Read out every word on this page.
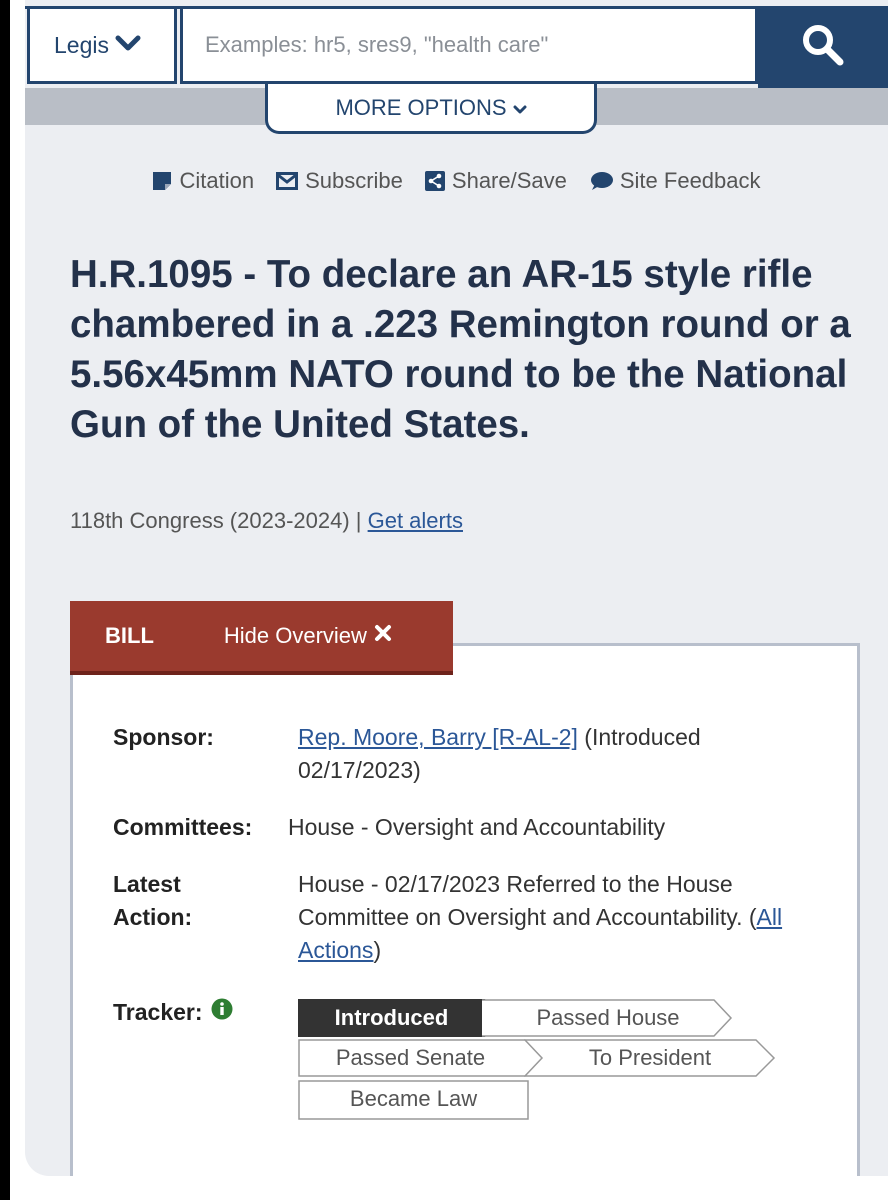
Legis
Examples: hr5, sres9, "health care"
MORE OPTIONS
Citation Subscribe Share/Save Site Feedback
H.R.1095 - To declare an AR-15 style rifle chambered in a .223 Remington round or a 5.56x45mm NATO round to be the National Gun of the United States.
118th Congress (2023-2024) | Get alerts
BILL	Hide Overview
Sponsor:	Rep. Moore, Barry [R-AL-2] (Introduced 02/17/2023)
Committees:	House - Oversight and Accountability
Latest Action:
House - 02/17/2023 Referred to the House Committee on Oversight and Accountability. (All Actions)
Tracker:	Introduced	Passed House
Passed Senate	To President
Became Law
